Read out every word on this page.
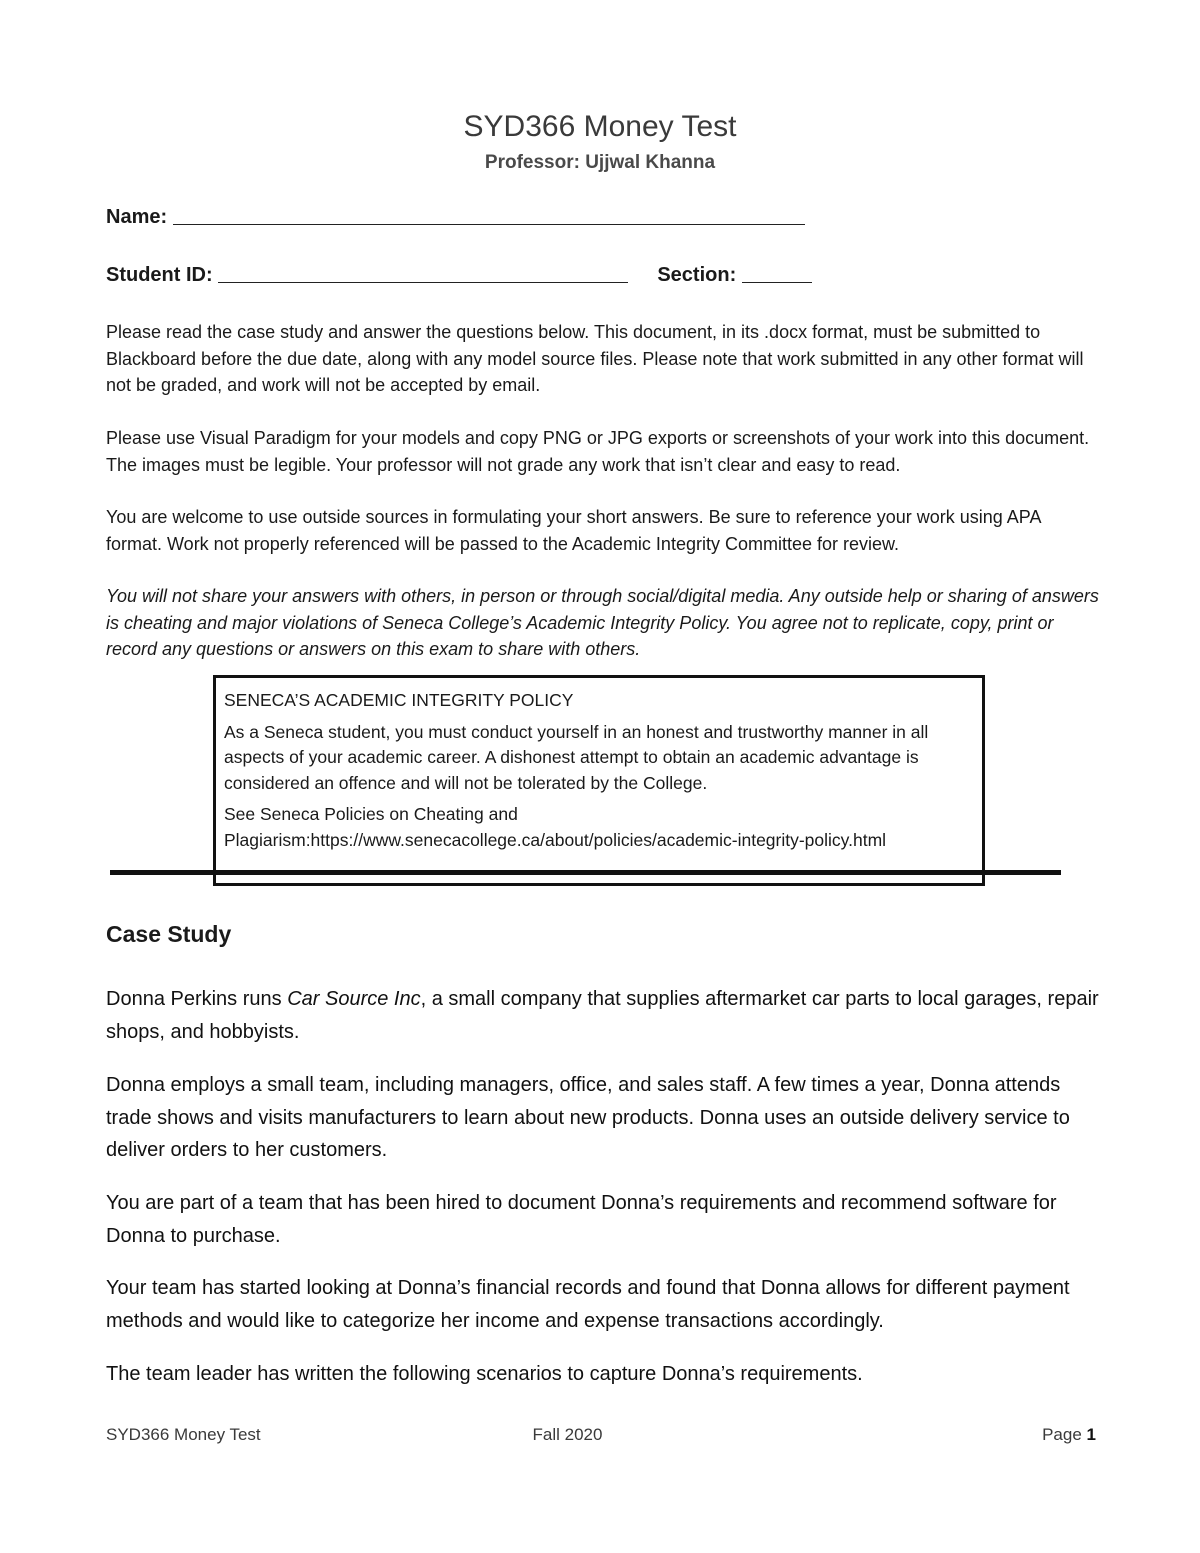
SYD366 Money Test
Professor: Ujjwal Khanna
Name:
Student ID:	Section:
Please read the case study and answer the questions below. This document, in its .docx format, must be submitted to Blackboard before the due date, along with any model source files. Please note that work submitted in any other format will not be graded, and work will not be accepted by email.
Please use Visual Paradigm for your models and copy PNG or JPG exports or screenshots of your work into this document. The images must be legible. Your professor will not grade any work that isn’t clear and easy to read.
You are welcome to use outside sources in formulating your short answers. Be sure to reference your work using APA format. Work not properly referenced will be passed to the Academic Integrity Committee for review.
You will not share your answers with others, in person or through social/digital media. Any outside help or sharing of answers is cheating and major violations of Seneca College’s Academic Integrity Policy. You agree not to replicate, copy, print or record any questions or answers on this exam to share with others.

SENECA’S ACADEMIC INTEGRITY POLICY

As a Seneca student, you must conduct yourself in an honest and trustworthy manner in all aspects of your academic career. A dishonest attempt to obtain an academic advantage is considered an offence and will not be tolerated by the College.

See Seneca Policies on Cheating and Plagiarism:https://www.senecacollege.ca/about/policies/academic-integrity-policy.html

Case Study
Donna Perkins runs Car Source Inc, a small company that supplies aftermarket car parts to local garages, repair shops, and hobbyists.
Donna employs a small team, including managers, office, and sales staff. A few times a year, Donna attends trade shows and visits manufacturers to learn about new products. Donna uses an outside delivery service to deliver orders to her customers.
You are part of a team that has been hired to document Donna’s requirements and recommend software for Donna to purchase.
Your team has started looking at Donna’s financial records and found that Donna allows for different payment methods and would like to categorize her income and expense transactions accordingly.
The team leader has written the following scenarios to capture Donna’s requirements.
SYD366 Money Test	Fall 2020	Page 1
